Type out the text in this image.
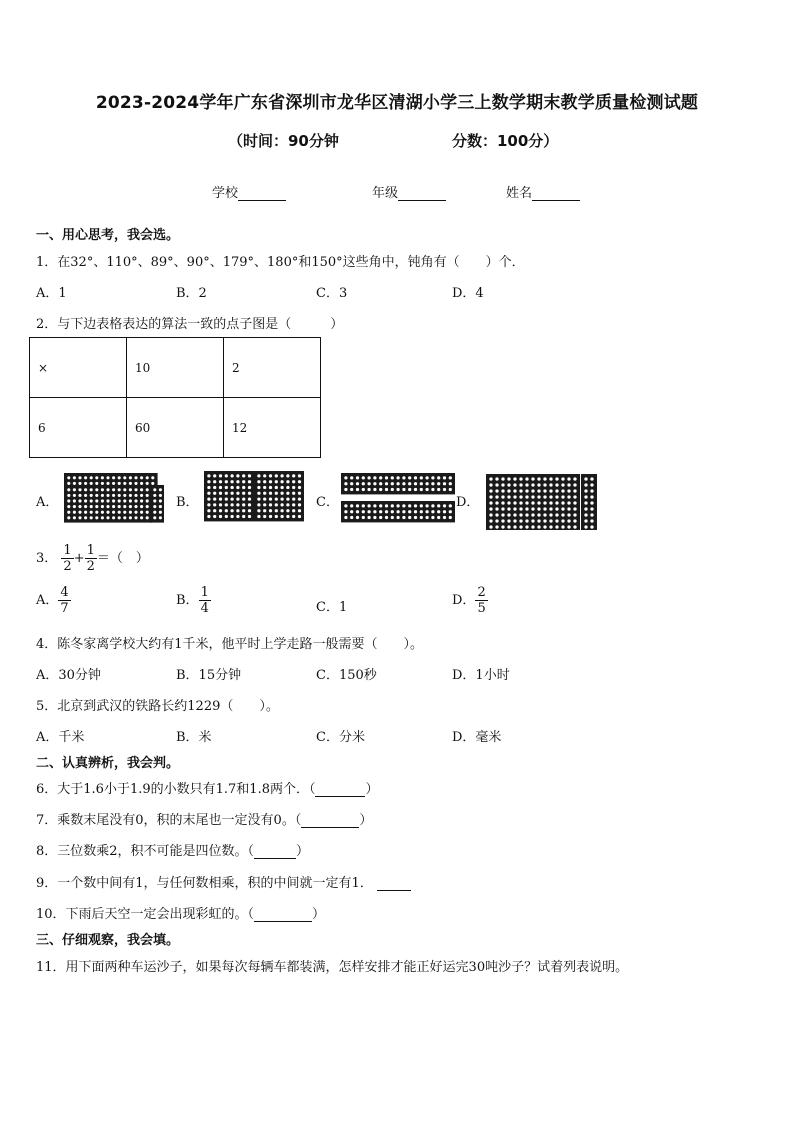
2023-2024学年广东省深圳市龙华区清湖小学三上数学期末教学质量检测试题
（时间：90分钟	分数：100分）
学校	年级	姓名
一、用心思考，我会选。
1．在32°、110°、89°、90°、179°、180°和150°这些角中，钝角有（　　）个．
A．1	B．2	C．3	D．4
2．与下边表格表达的算法一致的点子图是（　　　）
×	10	2
6	60	12
A．	B．	C．	D．
3． $\frac{1}{2} + \frac{1}{2}$ ＝（　）
A． $\frac{4}{7}$	B． $\frac{1}{4}$	C．1	D． $\frac{2}{5}$
4．陈冬家离学校大约有1千米，他平时上学走路一般需要（　　）。
A．30分钟	B．15分钟	C．150秒	D．1小时
5．北京到武汉的铁路长约1229（　　）。
A．千米	B．米	C．分米	D．毫米
二、认真辨析，我会判。
6．大于1.6小于1.9的小数只有1.7和1.8两个．（	）
7．乘数末尾没有0，积的末尾也一定没有0。（	）
8．三位数乘2，积不可能是四位数。（	）
9．一个数中间有1，与任何数相乘，积的中间就一定有1．
10．下雨后天空一定会出现彩虹的。（	）
三、仔细观察，我会填。
11．用下面两种车运沙子，如果每次每辆车都装满，怎样安排才能正好运完30吨沙子？试着列表说明。
